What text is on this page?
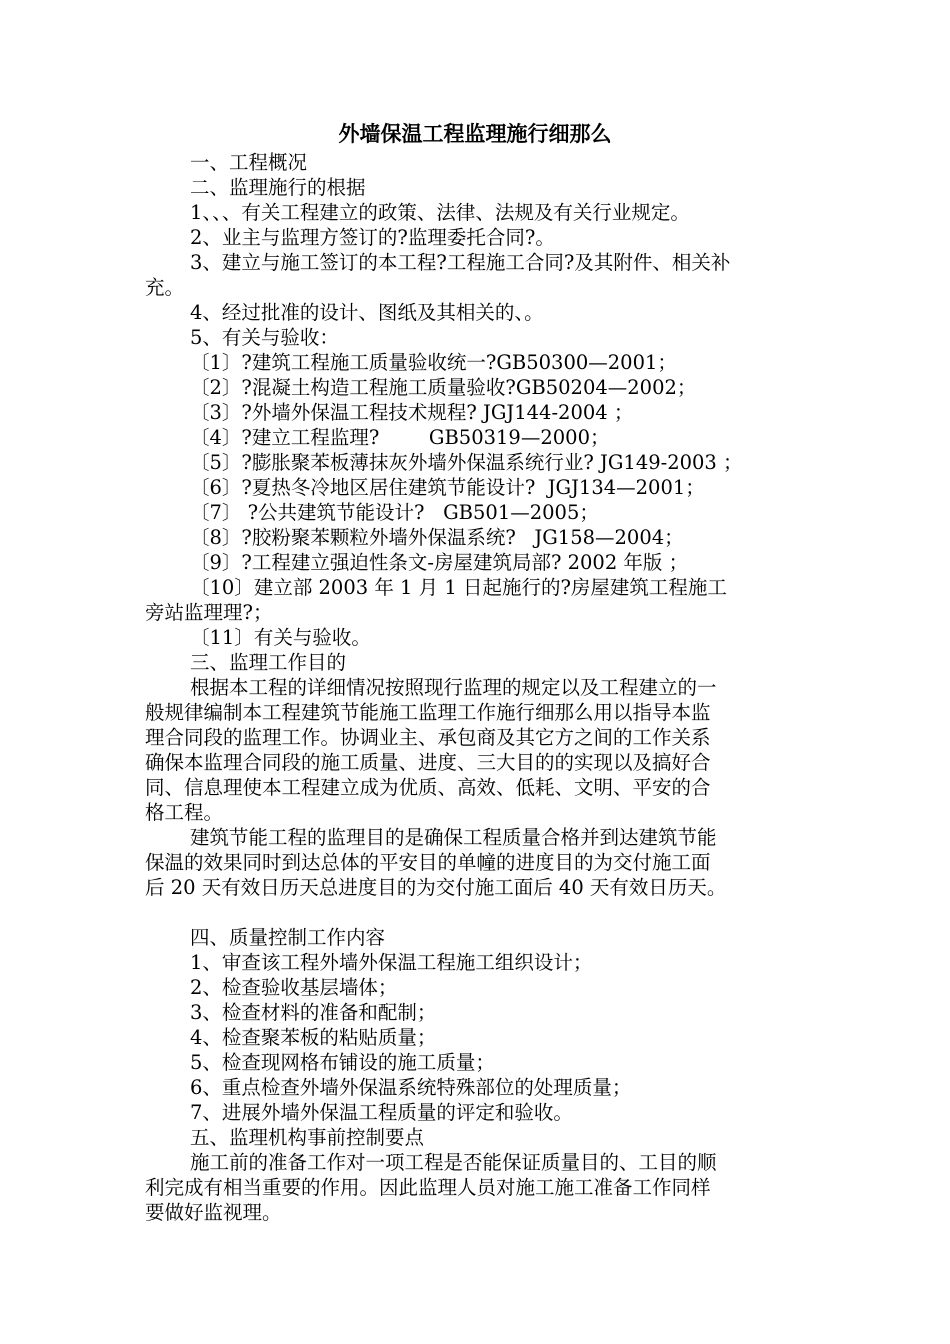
外墙保温工程监理施行细那么
一、工程概况
二、监理施行的根据
1、、、有关工程建立的政策、法律、法规及有关行业规定。
2、业主与监理方签订的?监理委托合同?。
3、建立与施工签订的本工程?工程施工合同?及其附件、相关补
充。
4、经过批准的设计、图纸及其相关的、。
5、有关与验收：
〔1〕?建筑工程施工质量验收统一?GB50300—2001；
〔2〕?混凝土构造工程施工质量验收?GB50204—2002；
〔3〕?外墙外保温工程技术规程? JGJ144-2004 ；
〔4〕?建立工程监理?        GB50319—2000；
〔5〕?膨胀聚苯板薄抹灰外墙外保温系统行业? JG149-2003 ；
〔6〕?夏热冬冷地区居住建筑节能设计?  JGJ134—2001；
〔7〕 ?公共建筑节能设计?   GB501—2005；
〔8〕?胶粉聚苯颗粒外墙外保温系统?   JG158—2004；
〔9〕?工程建立强迫性条文-房屋建筑局部? 2002 年版 ；
〔10〕建立部 2003 年 1 月 1 日起施行的?房屋建筑工程施工
旁站监理理?；
〔11〕有关与验收。
三、监理工作目的
根据本工程的详细情况按照现行监理的规定以及工程建立的一
般规律编制本工程建筑节能施工监理工作施行细那么用以指导本监
理合同段的监理工作。协调业主、承包商及其它方之间的工作关系
确保本监理合同段的施工质量、进度、三大目的的实现以及搞好合
同、信息理使本工程建立成为优质、高效、低耗、文明、平安的合
格工程。
建筑节能工程的监理目的是确保工程质量合格并到达建筑节能
保温的效果同时到达总体的平安目的单幢的进度目的为交付施工面
后 20 天有效日历天总进度目的为交付施工面后 40 天有效日历天。
四、质量控制工作内容
1、审查该工程外墙外保温工程施工组织设计；
2、检查验收基层墙体；
3、检查材料的准备和配制；
4、检查聚苯板的粘贴质量；
5、检查现网格布铺设的施工质量；
6、重点检查外墙外保温系统特殊部位的处理质量；
7、进展外墙外保温工程质量的评定和验收。
五、监理机构事前控制要点
施工前的准备工作对一项工程是否能保证质量目的、工目的顺
利完成有相当重要的作用。因此监理人员对施工施工准备工作同样
要做好监视理。
